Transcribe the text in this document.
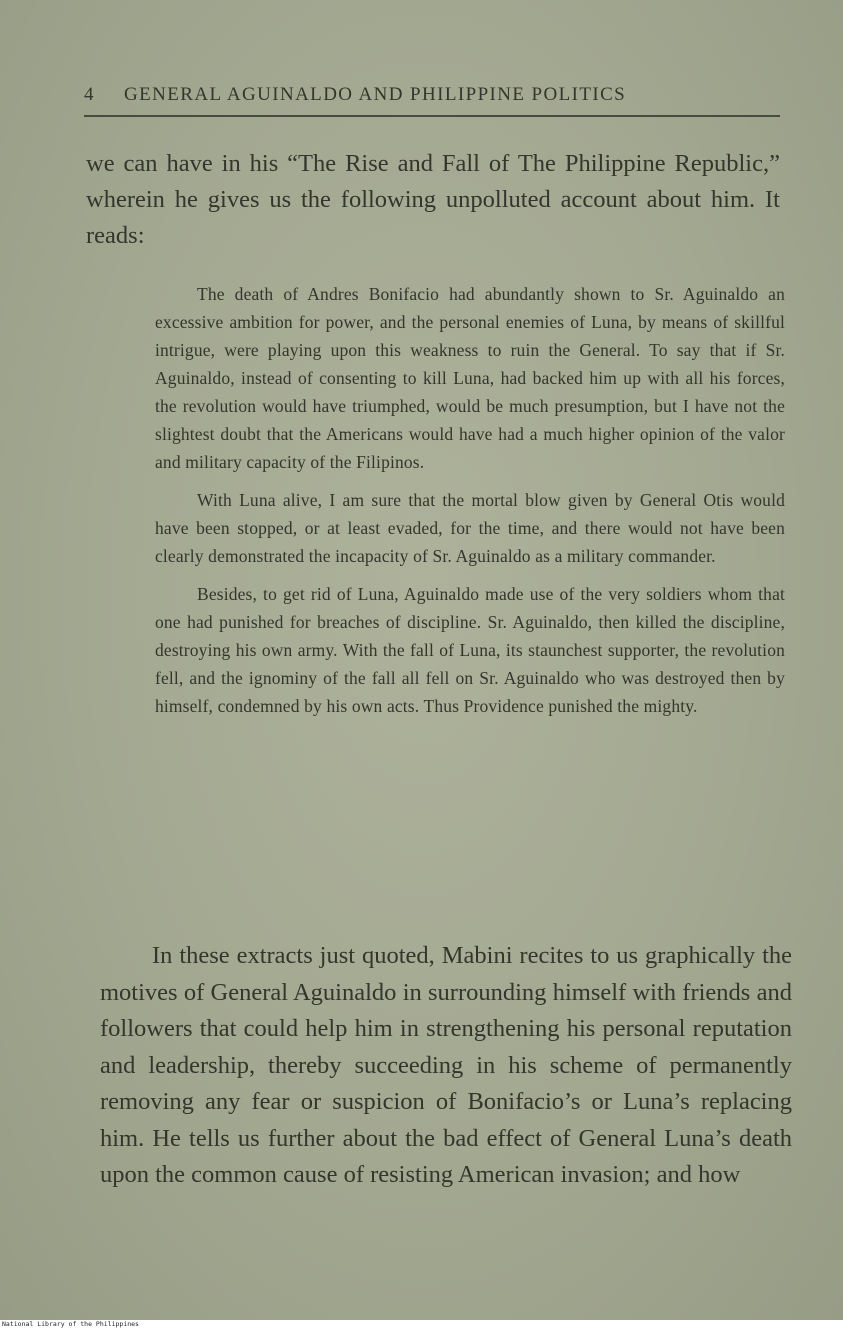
4 GENERAL AGUINALDO AND PHILIPPINE POLITICS

we can have in his “The Rise and Fall of The Philippine Republic,” wherein he gives us the following unpolluted account about him. It reads:

The death of Andres Bonifacio had abundantly shown to Sr. Aguinaldo an excessive ambition for power, and the personal enemies of Luna, by means of skillful intrigue, were playing upon this weakness to ruin the General. To say that if Sr. Aguinaldo, instead of consenting to kill Luna, had backed him up with all his forces, the revolution would have triumphed, would be much presumption, but I have not the slightest doubt that the Americans would have had a much higher opinion of the valor and military capacity of the Filipinos.

With Luna alive, I am sure that the mortal blow given by General Otis would have been stopped, or at least evaded, for the time, and there would not have been clearly demonstrated the incapacity of Sr. Aguinaldo as a military commander.

Besides, to get rid of Luna, Aguinaldo made use of the very soldiers whom that one had punished for breaches of discipline. Sr. Aguinaldo, then killed the discipline, destroying his own army. With the fall of Luna, its staunchest supporter, the revolution fell, and the ignominy of the fall all fell on Sr. Aguinaldo who was destroyed then by himself, condemned by his own acts. Thus Providence punished the mighty.

In these extracts just quoted, Mabini recites to us graphically the motives of General Aguinaldo in surrounding himself with friends and followers that could help him in strengthening his personal reputation and leadership, thereby succeeding in his scheme of permanently removing any fear or suspicion of Bonifacio’s or Luna’s replacing him. He tells us further about the bad effect of General Luna’s death upon the common cause of resisting American invasion; and how

National Library of the Philippines
